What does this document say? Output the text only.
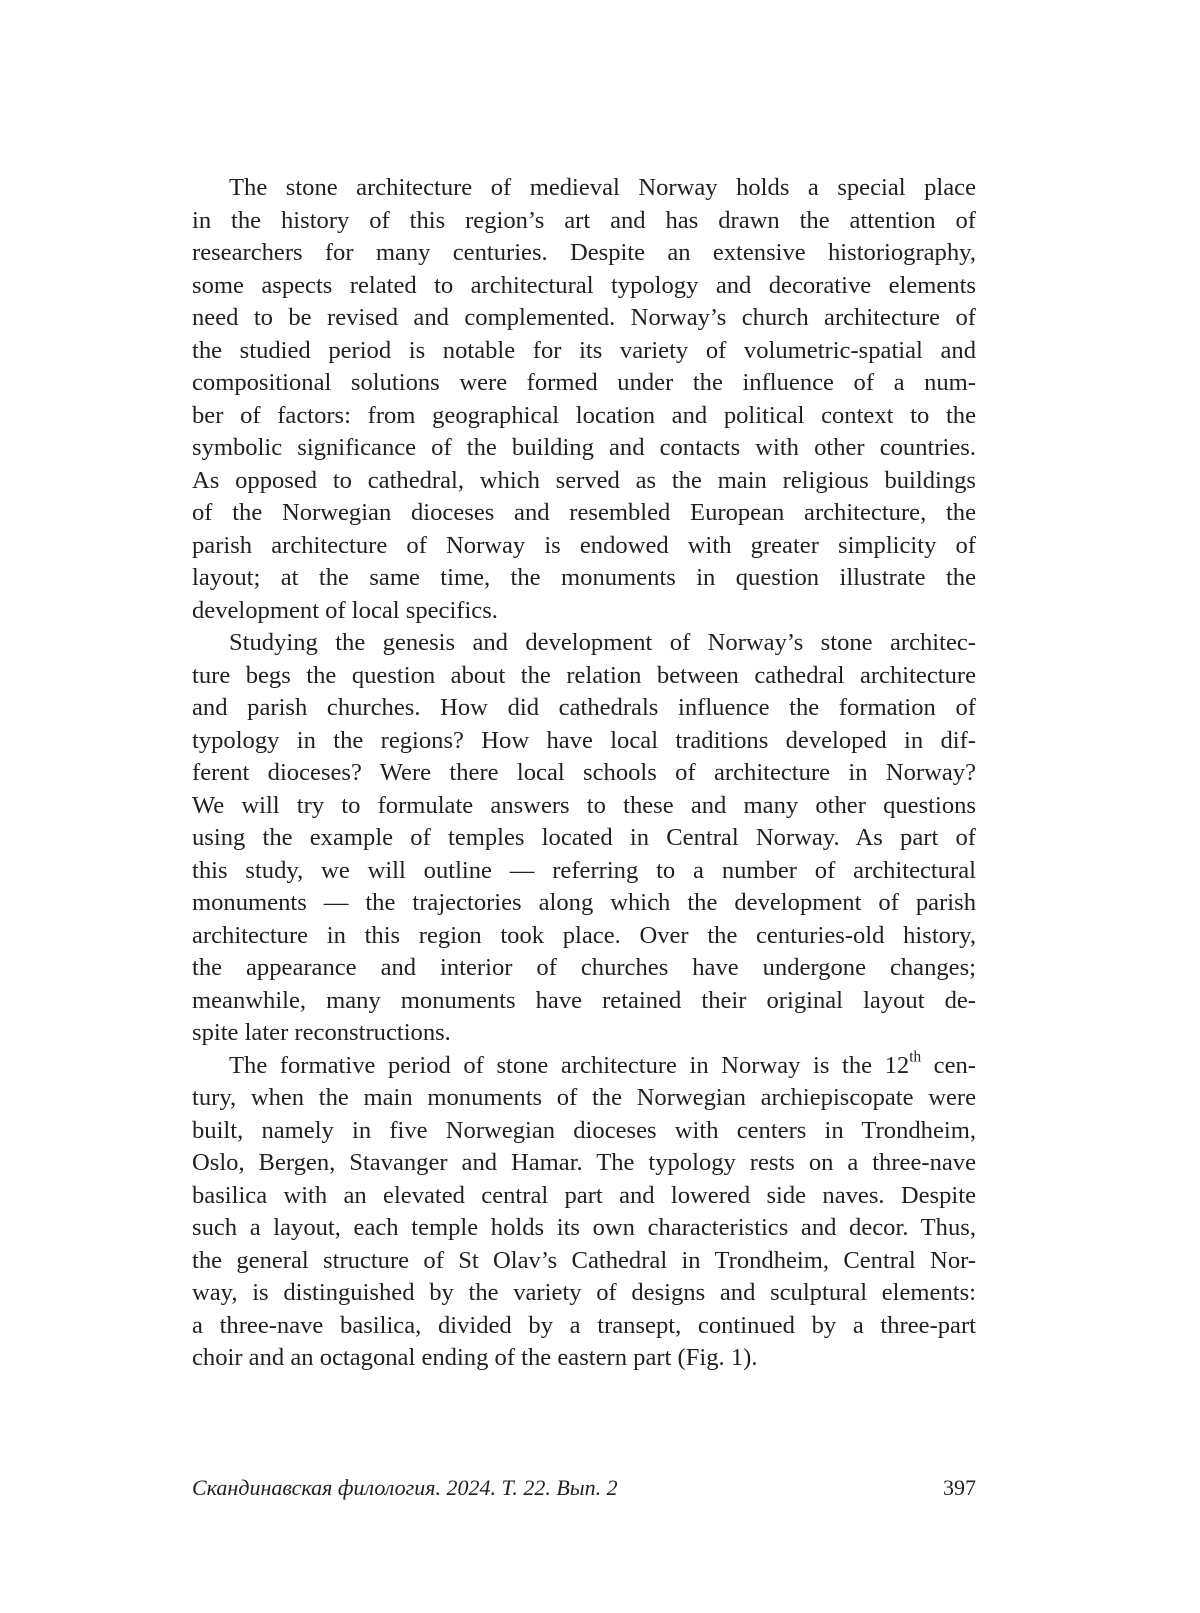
The stone architecture of medieval Norway holds a special place
in the history of this region’s art and has drawn the attention of
researchers for many centuries. Despite an extensive historiography,
some aspects related to architectural typology and decorative elements
need to be revised and complemented. Norway’s church architecture of
the studied period is notable for its variety of volumetric-spatial and
compositional solutions were formed under the influence of a num-
ber of factors: from geographical location and political context to the
symbolic significance of the building and contacts with other countries.
As opposed to cathedral, which served as the main religious buildings
of the Norwegian dioceses and resembled European architecture, the
parish architecture of Norway is endowed with greater simplicity of
layout; at the same time, the monuments in question illustrate the
development of local specifics.
Studying the genesis and development of Norway’s stone architec-
ture begs the question about the relation between cathedral architecture
and parish churches. How did cathedrals influence the formation of
typology in the regions? How have local traditions developed in dif-
ferent dioceses? Were there local schools of architecture in Norway?
We will try to formulate answers to these and many other questions
using the example of temples located in Central Norway. As part of
this study, we will outline — referring to a number of architectural
monuments — the trajectories along which the development of parish
architecture in this region took place. Over the centuries-old history,
the appearance and interior of churches have undergone changes;
meanwhile, many monuments have retained their original layout de-
spite later reconstructions.
The formative period of stone architecture in Norway is the 12th cen-
tury, when the main monuments of the Norwegian archiepiscopate were
built, namely in five Norwegian dioceses with centers in Trondheim,
Oslo, Bergen, Stavanger and Hamar. The typology rests on a three-nave
basilica with an elevated central part and lowered side naves. Despite
such a layout, each temple holds its own characteristics and decor. Thus,
the general structure of St Olav’s Cathedral in Trondheim, Central Nor-
way, is distinguished by the variety of designs and sculptural elements:
a three-nave basilica, divided by a transept, continued by a three-part
choir and an octagonal ending of the eastern part (Fig. 1).
Скандинавская филология. 2024. Т. 22. Вып. 2	397
